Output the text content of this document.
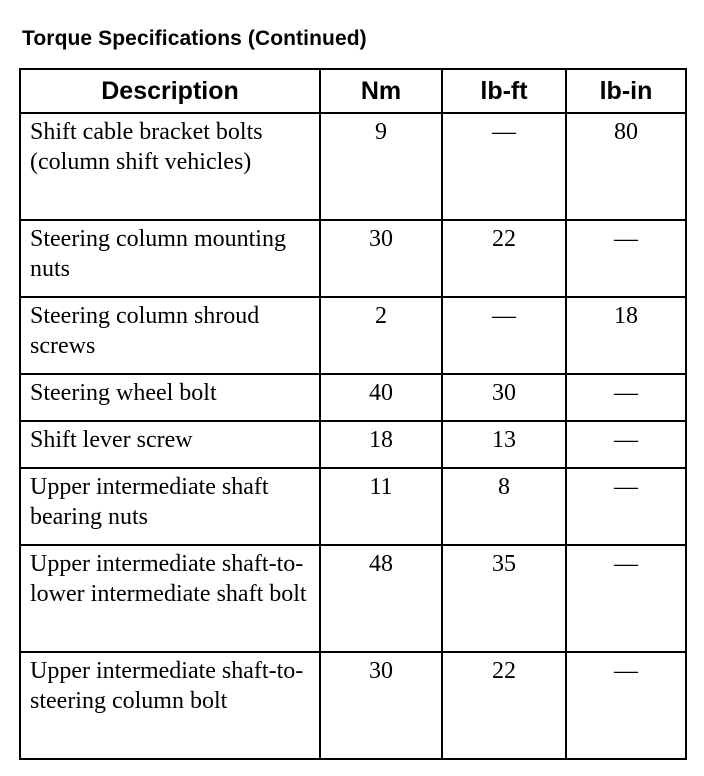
Torque Specifications (Continued)
Description	Nm	lb-ft	lb-in
Shift cable bracket bolts (column shift vehicles)	9	—	80
Steering column mounting nuts	30	22	—
Steering column shroud screws	2	—	18
Steering wheel bolt	40	30	—
Shift lever screw	18	13	—
Upper intermediate shaft bearing nuts	11	8	—
Upper intermediate shaft-to-lower intermediate shaft bolt	48	35	—
Upper intermediate shaft-to-steering column bolt	30	22	—
